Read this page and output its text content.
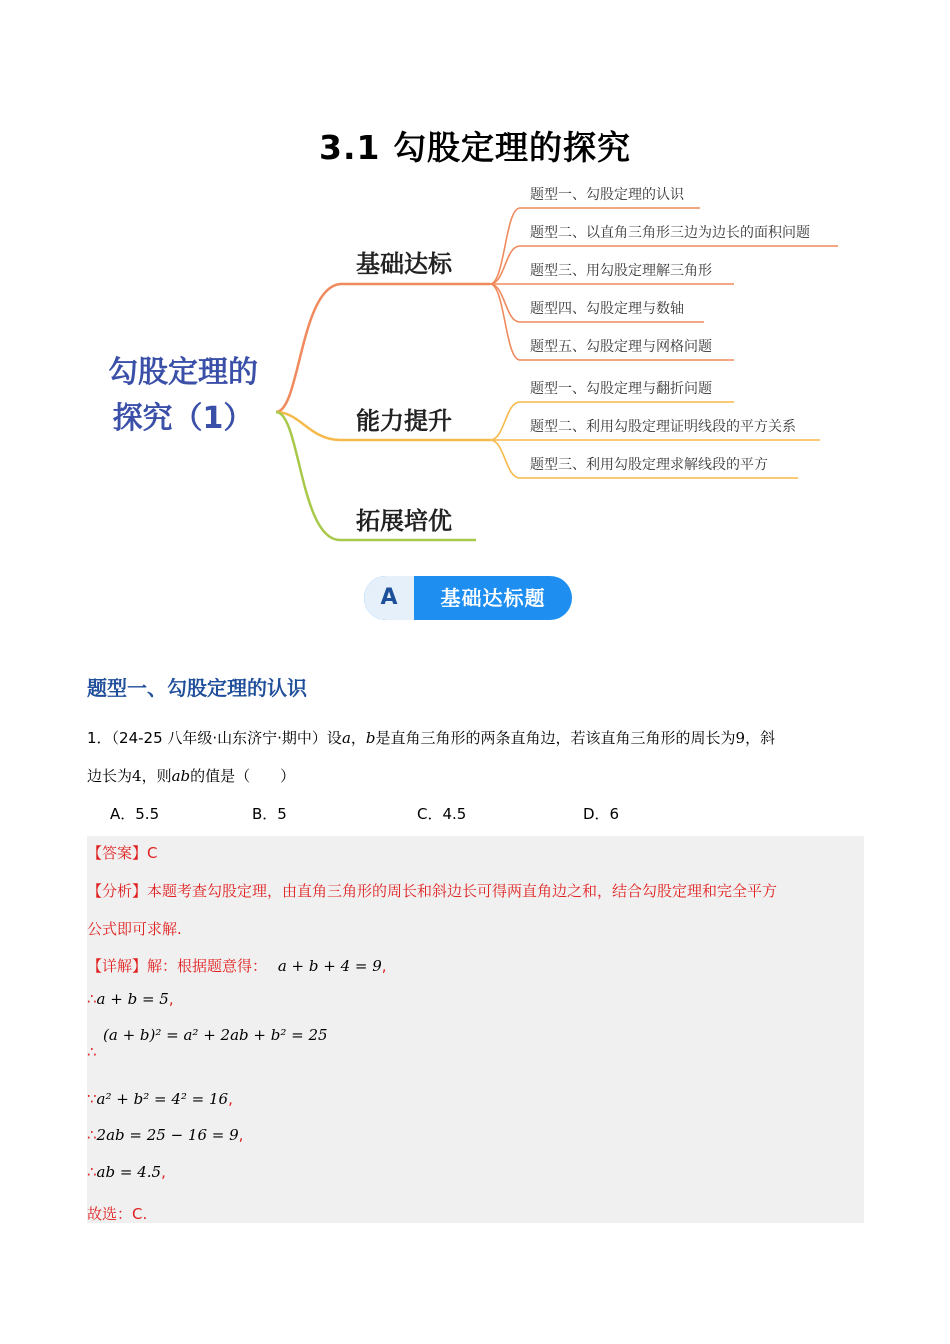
3.1 勾股定理的探究
勾股定理的探究（1）
基础达标
能力提升
拓展培优
题型一、勾股定理的认识
题型二、以直角三角形三边为边长的面积问题
题型三、用勾股定理解三角形
题型四、勾股定理与数轴
题型五、勾股定理与网格问题
题型一、勾股定理与翻折问题
题型二、利用勾股定理证明线段的平方关系
题型三、利用勾股定理求解线段的平方
A	基础达标题
题型一、勾股定理的认识
1．（24-25 八年级·山东济宁·期中）设a，b是直角三角形的两条直角边，若该直角三角形的周长为9，斜
边长为4，则ab的值是（　　）
A．5.5	B．5	C．4.5	D．6
【答案】C
【分析】本题考查勾股定理，由直角三角形的周长和斜边长可得两直角边之和，结合勾股定理和完全平方
公式即可求解.
【详解】解：根据题意得： a + b + 4 = 9,
∴a + b = 5,
(a + b)² = a² + 2ab + b² = 25
∴
∵a² + b² = 4² = 16,
∴2ab = 25 − 16 = 9,
∴ab = 4.5,
故选：C.
